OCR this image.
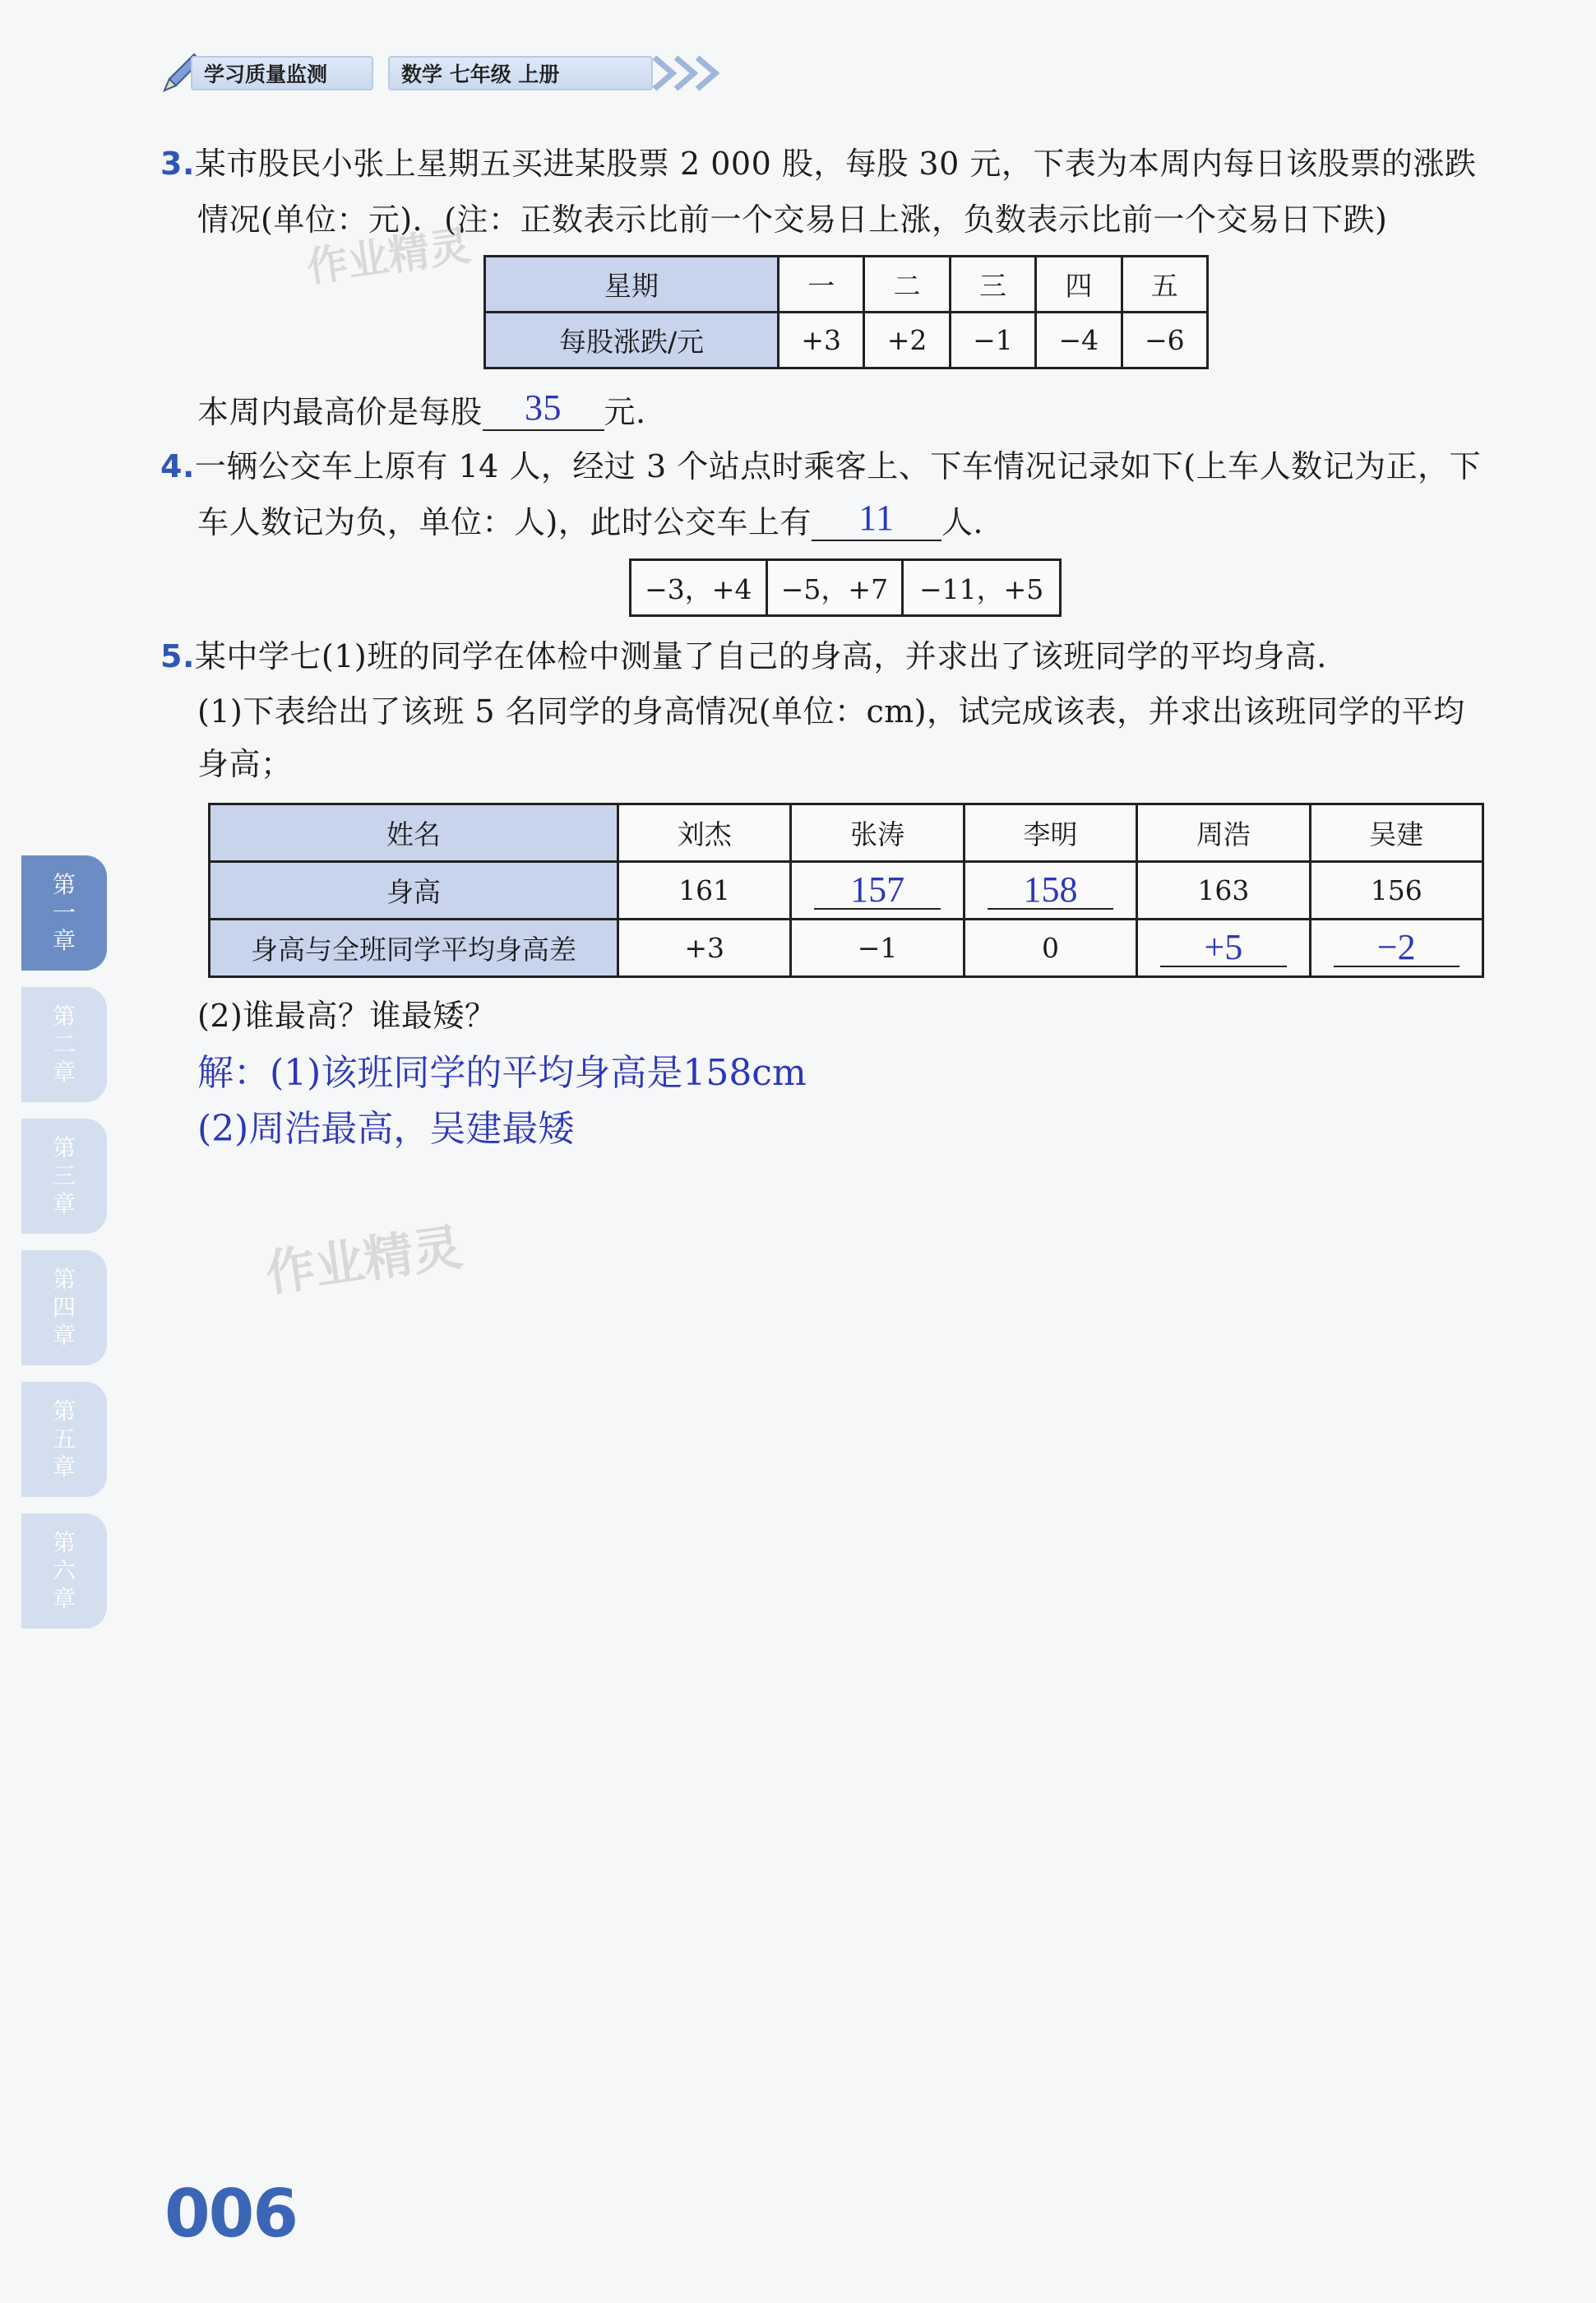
学习质量监测	数学 七年级 上册
3.某市股民小张上星期五买进某股票 2 000 股，每股 30 元，下表为本周内每日该股票的涨跌
情况(单位：元)．(注：正数表示比前一个交易日上涨，负数表示比前一个交易日下跌)
星期	一	二	三	四	五
每股涨跌/元	+3	+2	−1	−4	−6
本周内最高价是每股	35	元.
4.一辆公交车上原有 14 人，经过 3 个站点时乘客上、下车情况记录如下(上车人数记为正，下
车人数记为负，单位：人)，此时公交车上有	11	人.
−3，+4	−5，+7	−11，+5
5.某中学七(1)班的同学在体检中测量了自己的身高，并求出了该班同学的平均身高.
(1)下表给出了该班 5 名同学的身高情况(单位：cm)，试完成该表，并求出该班同学的平均
身高；
姓名	刘杰	张涛	李明	周浩	吴建
身高	161	157	158	163	156
身高与全班同学平均身高差	+3	−1	0	+5	−2
(2)谁最高？谁最矮？
解：(1)该班同学的平均身高是158cm
(2)周浩最高，吴建最矮
作业精灵
作业精灵
第
一
章
第
二
章
第
三
章
第
四
章
第
五
章
第
六
章
006
